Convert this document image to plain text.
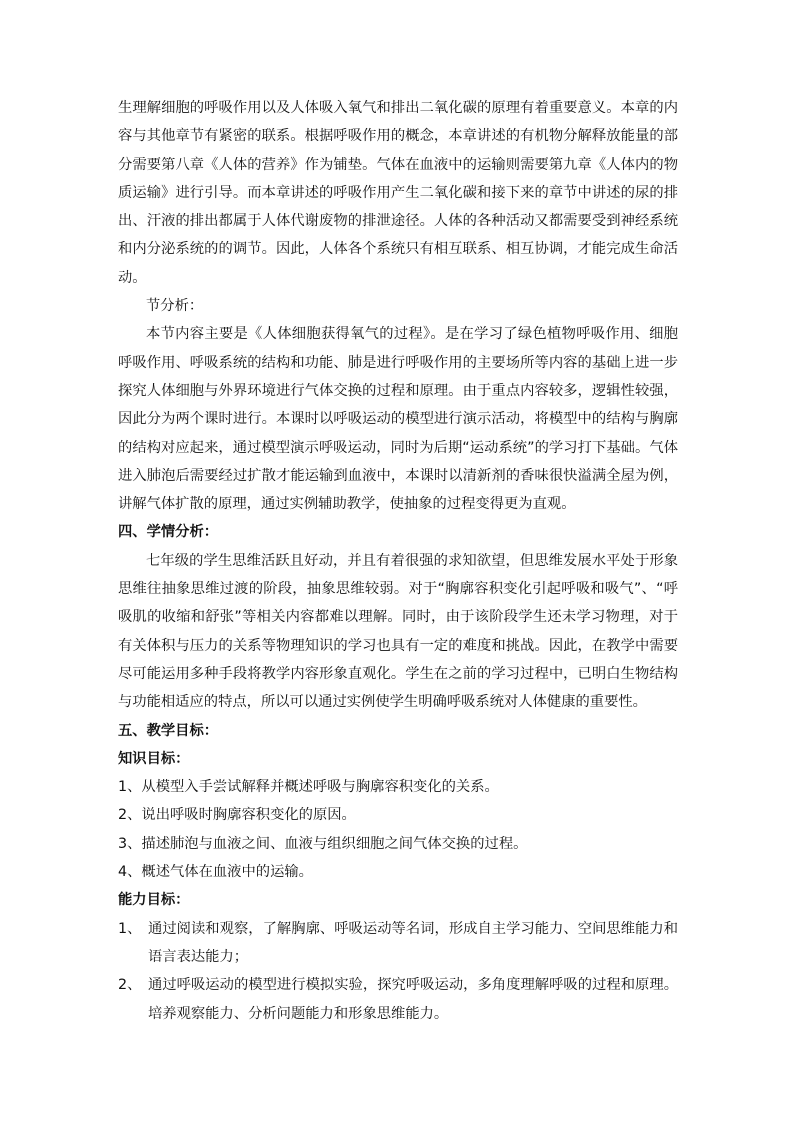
生理解细胞的呼吸作用以及人体吸入氧气和排出二氧化碳的原理有着重要意义。本章的内容与其他章节有紧密的联系。根据呼吸作用的概念，本章讲述的有机物分解释放能量的部分需要第八章《人体的营养》作为铺垫。气体在血液中的运输则需要第九章《人体内的物质运输》进行引导。而本章讲述的呼吸作用产生二氧化碳和接下来的章节中讲述的尿的排出、汗液的排出都属于人体代谢废物的排泄途径。人体的各种活动又都需要受到神经系统和内分泌系统的的调节。因此，人体各个系统只有相互联系、相互协调，才能完成生命活动。

节分析：

本节内容主要是《人体细胞获得氧气的过程》。是在学习了绿色植物呼吸作用、细胞呼吸作用、呼吸系统的结构和功能、肺是进行呼吸作用的主要场所等内容的基础上进一步探究人体细胞与外界环境进行气体交换的过程和原理。由于重点内容较多，逻辑性较强，因此分为两个课时进行。本课时以呼吸运动的模型进行演示活动，将模型中的结构与胸廓的结构对应起来，通过模型演示呼吸运动，同时为后期“运动系统”的学习打下基础。气体进入肺泡后需要经过扩散才能运输到血液中，本课时以清新剂的香味很快溢满全屋为例，讲解气体扩散的原理，通过实例辅助教学，使抽象的过程变得更为直观。

四、学情分析：

七年级的学生思维活跃且好动，并且有着很强的求知欲望，但思维发展水平处于形象思维往抽象思维过渡的阶段，抽象思维较弱。对于“胸廓容积变化引起呼吸和吸气”、“呼吸肌的收缩和舒张”等相关内容都难以理解。同时，由于该阶段学生还未学习物理，对于有关体积与压力的关系等物理知识的学习也具有一定的难度和挑战。因此，在教学中需要尽可能运用多种手段将教学内容形象直观化。学生在之前的学习过程中，已明白生物结构与功能相适应的特点，所以可以通过实例使学生明确呼吸系统对人体健康的重要性。

五、教学目标：

知识目标：

1、 从模型入手尝试解释并概述呼吸与胸廓容积变化的关系。
2、 说出呼吸时胸廓容积变化的原因。
3、 描述肺泡与血液之间、血液与组织细胞之间气体交换的过程。
4、 概述气体在血液中的运输。

能力目标：

1、 通过阅读和观察，了解胸廓、呼吸运动等名词，形成自主学习能力、空间思维能力和语言表达能力；
2、 通过呼吸运动的模型进行模拟实验，探究呼吸运动，多角度理解呼吸的过程和原理。培养观察能力、分析问题能力和形象思维能力。
